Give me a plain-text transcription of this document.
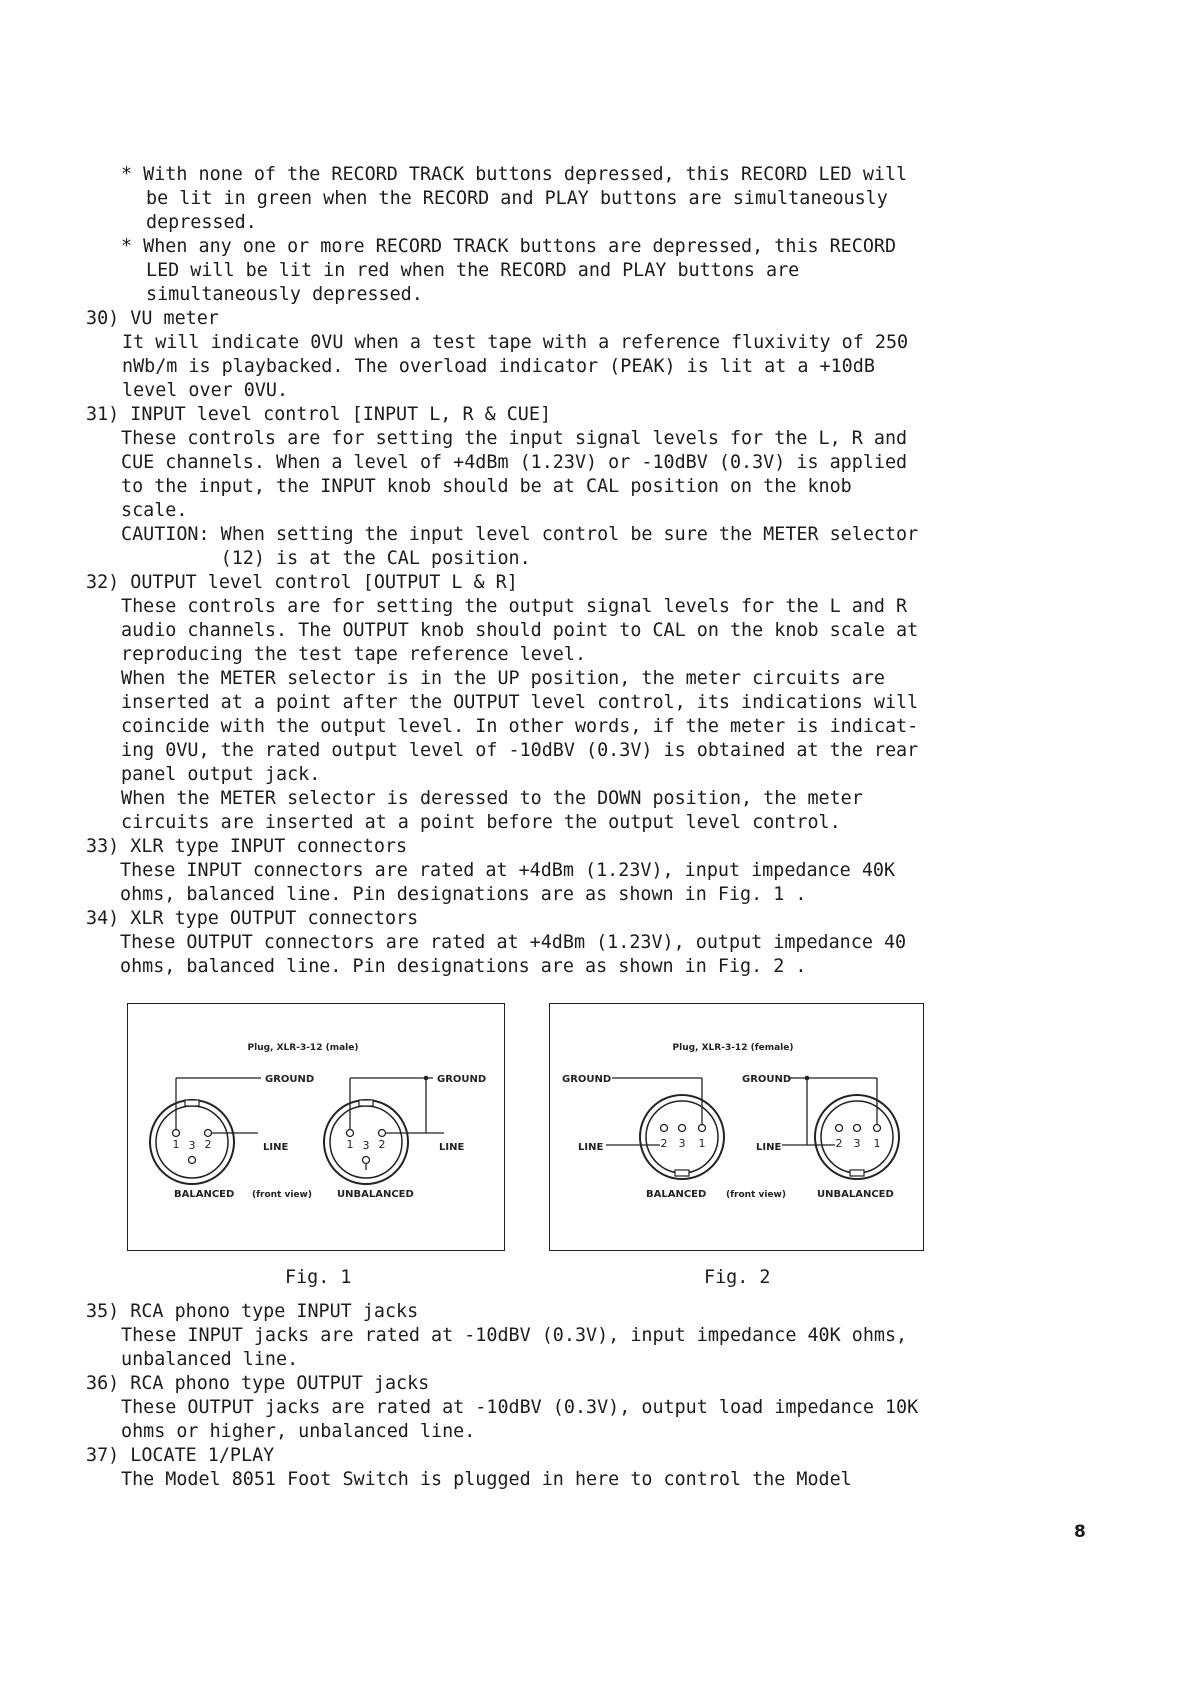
* With none of the RECORD TRACK buttons depressed, this RECORD LED will
be lit in green when the RECORD and PLAY buttons are simultaneously
depressed.
* When any one or more RECORD TRACK buttons are depressed, this RECORD
LED will be lit in red when the RECORD and PLAY buttons are
simultaneously depressed.
30) VU meter
It will indicate 0VU when a test tape with a reference fluxivity of 250
nWb/m is playbacked. The overload indicator (PEAK) is lit at a +10dB
level over 0VU.
31) INPUT level control [INPUT L, R & CUE]
These controls are for setting the input signal levels for the L, R and
CUE channels. When a level of +4dBm (1.23V) or -10dBV (0.3V) is applied
to the input, the INPUT knob should be at CAL position on the knob
scale.
CAUTION: When setting the input level control be sure the METER selector
(12) is at the CAL position.
32) OUTPUT level control [OUTPUT L & R]
These controls are for setting the output signal levels for the L and R
audio channels. The OUTPUT knob should point to CAL on the knob scale at
reproducing the test tape reference level.
When the METER selector is in the UP position, the meter circuits are
inserted at a point after the OUTPUT level control, its indications will
coincide with the output level. In other words, if the meter is indicat-
ing 0VU, the rated output level of -10dBV (0.3V) is obtained at the rear
panel output jack.
When the METER selector is deressed to the DOWN position, the meter
circuits are inserted at a point before the output level control.
33) XLR type INPUT connectors
These INPUT connectors are rated at +4dBm (1.23V), input impedance 40K
ohms, balanced line. Pin designations are as shown in Fig. 1 .
34) XLR type OUTPUT connectors
These OUTPUT connectors are rated at +4dBm (1.23V), output impedance 40
ohms, balanced line. Pin designations are as shown in Fig. 2 .
Plug, XLR-3-12 (male)
1 3 2
GROUND
LINE	1 3 2
GROUND
LINE
BALANCED (front view)	UNBALANCED
Fig. 1
Plug, XLR-3-12 (female)
GROUND
2 3 1
LINE
GROUND
2 3 1
LINE
BALANCED (front view)	UNBALANCED
Fig. 2
35) RCA phono type INPUT jacks
These INPUT jacks are rated at -10dBV (0.3V), input impedance 40K ohms,
unbalanced line.
36) RCA phono type OUTPUT jacks
These OUTPUT jacks are rated at -10dBV (0.3V), output load impedance 10K
ohms or higher, unbalanced line.
37) LOCATE 1/PLAY
The Model 8051 Foot Switch is plugged in here to control the Model
8
